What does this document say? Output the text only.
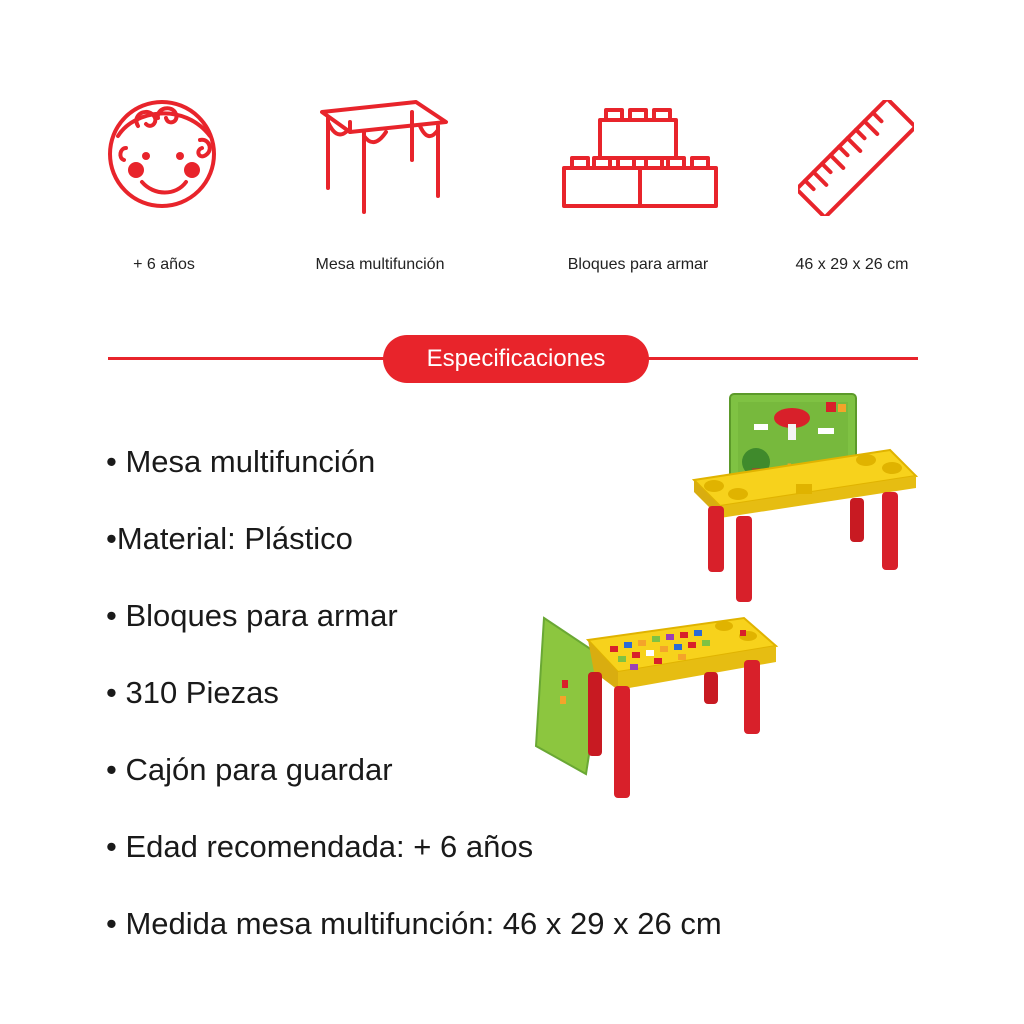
+ 6 años	Mesa multifunción	Bloques para armar	46 x 29 x 26 cm
Especificaciones
• Mesa multifunción
•Material: Plástico
• Bloques para armar
• 310 Piezas
• Cajón para guardar
• Edad recomendada: + 6 años
• Medida mesa multifunción: 46 x 29 x 26 cm
